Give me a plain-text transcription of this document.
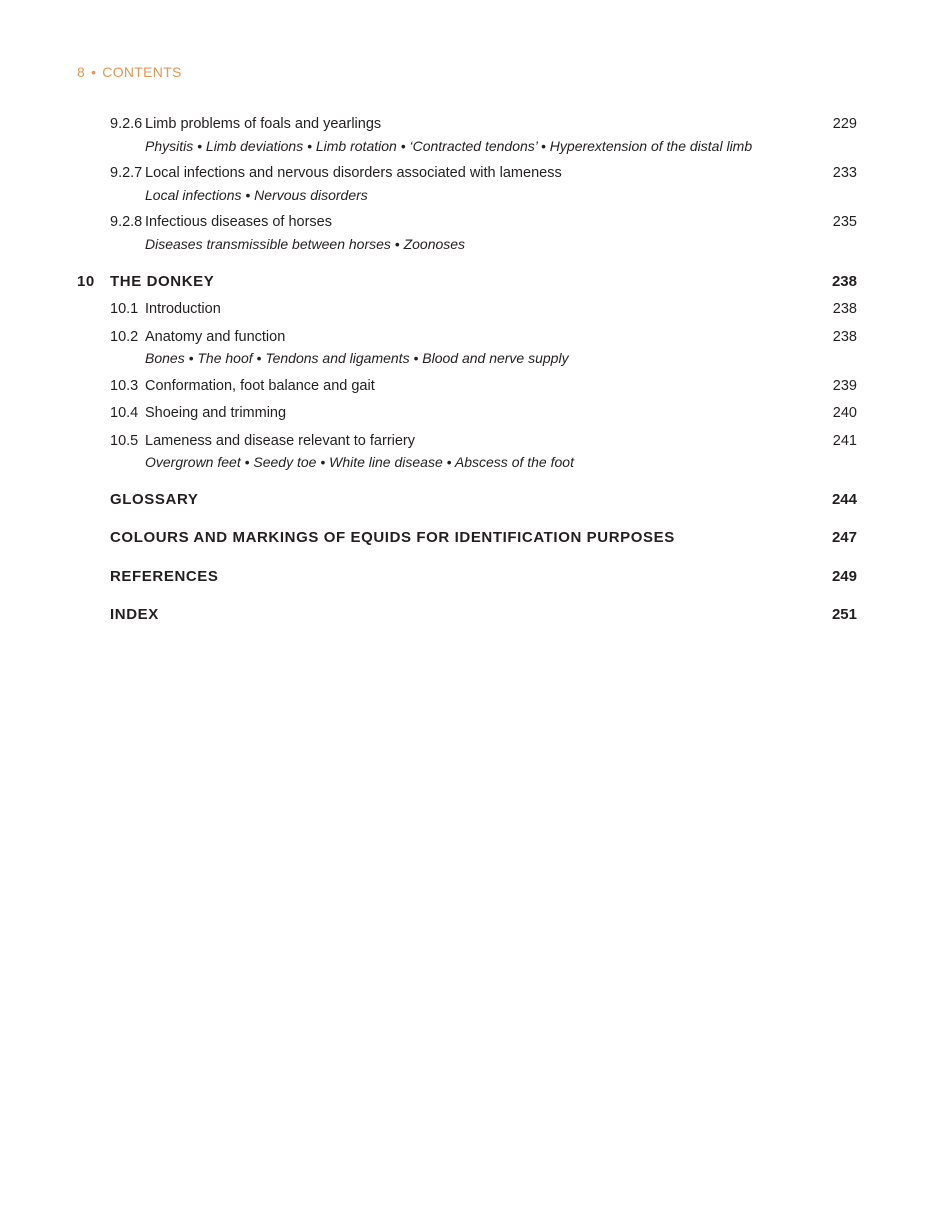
8 • CONTENTS
9.2.6 Limb problems of foals and yearlings	229
Physitis • Limb deviations • Limb rotation • ‘Contracted tendons’ • Hyperextension of the distal limb
9.2.7 Local infections and nervous disorders associated with lameness	233
Local infections • Nervous disorders
9.2.8 Infectious diseases of horses	235
Diseases transmissible between horses • Zoonoses
10 THE DONKEY	238
10.1 Introduction	238
10.2 Anatomy and function	238
Bones • The hoof • Tendons and ligaments • Blood and nerve supply
10.3 Conformation, foot balance and gait	239
10.4 Shoeing and trimming	240
10.5 Lameness and disease relevant to farriery	241
Overgrown feet • Seedy toe • White line disease • Abscess of the foot
GLOSSARY	244
COLOURS AND MARKINGS OF EQUIDS FOR IDENTIFICATION PURPOSES	247
REFERENCES	249
INDEX	251
